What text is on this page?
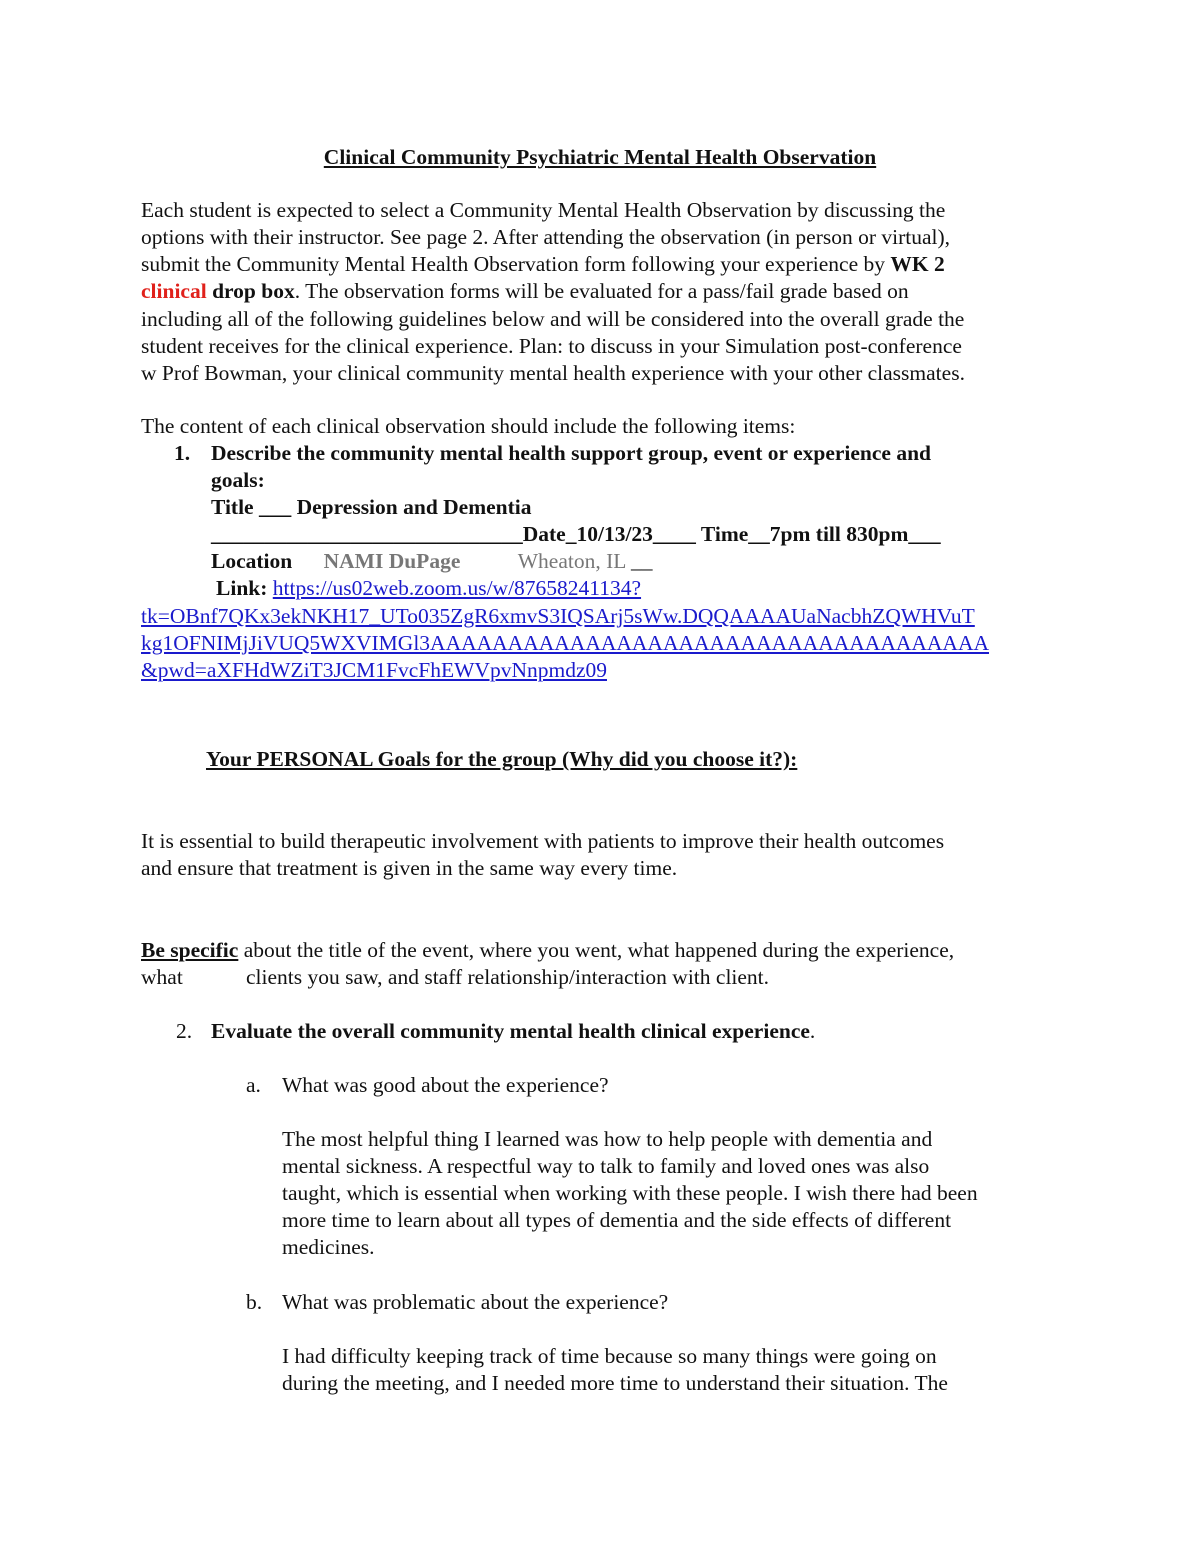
Clinical Community Psychiatric Mental Health Observation

Each student is expected to select a Community Mental Health Observation by discussing the

options with their instructor. See page 2. After attending the observation (in person or virtual),

submit the Community Mental Health Observation form following your experience by WK 2

clinical drop box. The observation forms will be evaluated for a pass/fail grade based on

including all of the following guidelines below and will be considered into the overall grade the

student receives for the clinical experience. Plan: to discuss in your Simulation post-conference

w Prof Bowman, your clinical community mental health experience with your other classmates.

The content of each clinical observation should include the following items:

1. Describe the community mental health support group, event or experience and

goals:

Title ___ Depression and Dementia

_____________________________Date_10/13/23____ Time__7pm till 830pm___

Location NAMI DuPage	Wheaton, IL __

Link: https://us02web.zoom.us/w/87658241134?

tk=OBnf7QKx3ekNKH17_UTo035ZgR6xmvS3IQSArj5sWw.DQQAAAAUaNacbhZQWHVuT

kg1OFNIMjJiVUQ5WXVIMGl3AAAAAAAAAAAAAAAAAAAAAAAAAAAAAAAAAAAA

&pwd=aXFHdWZiT3JCM1FvcFhEWVpvNnpmdz09

Your PERSONAL Goals for the group (Why did you choose it?):

It is essential to build therapeutic involvement with patients to improve their health outcomes

and ensure that treatment is given in the same way every time.

Be specific about the title of the event, where you went, what happened during the experience,

what	clients you saw, and staff relationship/interaction with client.

2. Evaluate the overall community mental health clinical experience.

a. What was good about the experience?

The most helpful thing I learned was how to help people with dementia and

mental sickness. A respectful way to talk to family and loved ones was also

taught, which is essential when working with these people. I wish there had been

more time to learn about all types of dementia and the side effects of different

medicines.

b. What was problematic about the experience?

I had difficulty keeping track of time because so many things were going on

during the meeting, and I needed more time to understand their situation. The
